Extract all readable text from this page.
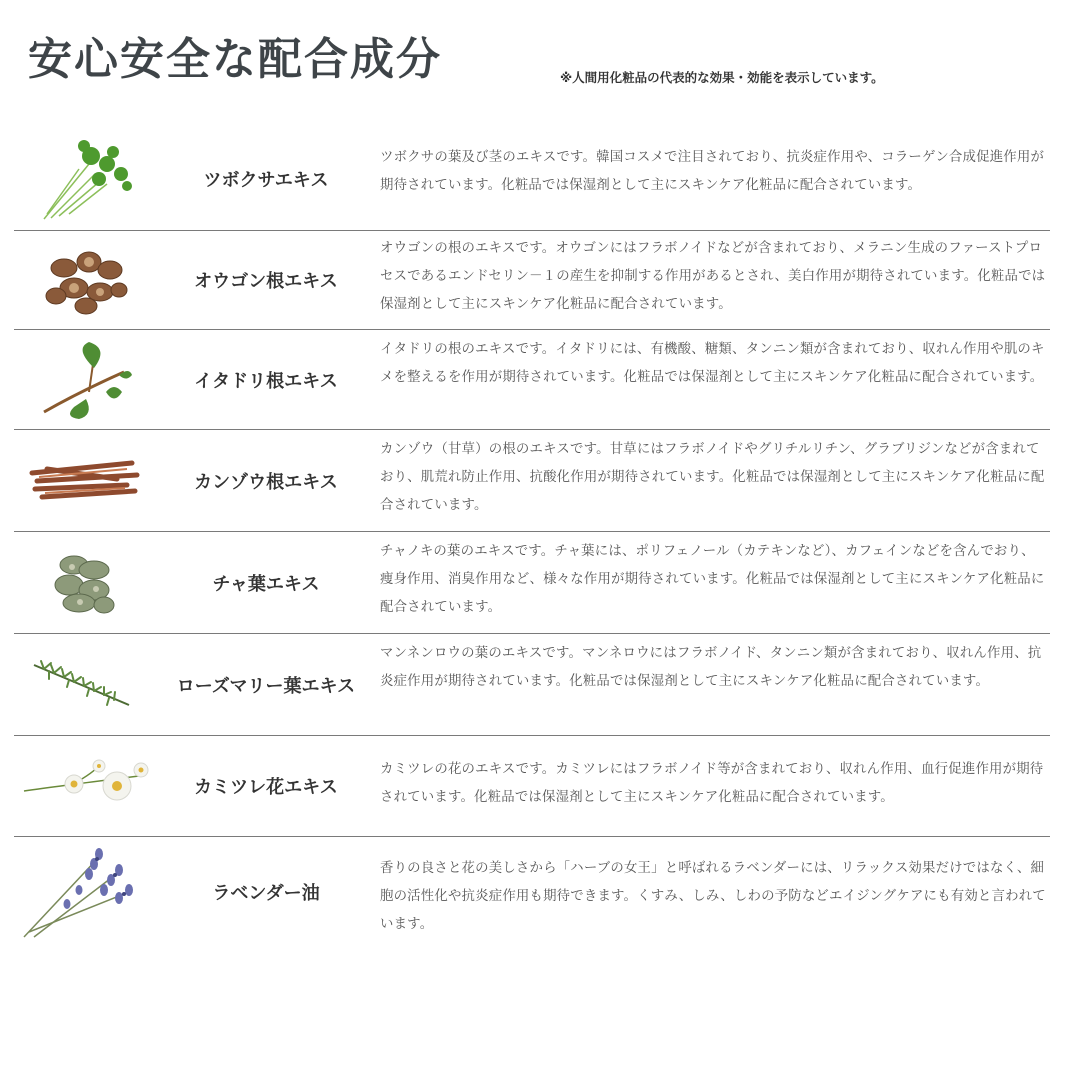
安心安全な配合成分	※人間用化粧品の代表的な効果・効能を表示しています。
ツボクサエキス
ツボクサの葉及び茎のエキスです。韓国コスメで注目されており、抗炎症作用や、コラーゲン合成促進作用が期待されています。化粧品では保湿剤として主にスキンケア化粧品に配合されています。
オウゴン根エキス
オウゴンの根のエキスです。オウゴンにはフラボノイドなどが含まれており、メラニン生成のファーストプロセスであるエンドセリン－１の産生を抑制する作用があるとされ、美白作用が期待されています。化粧品では保湿剤として主にスキンケア化粧品に配合されています。
イタドリ根エキス
イタドリの根のエキスです。イタドリには、有機酸、糖類、タンニン類が含まれており、収れん作用や肌のキメを整えるを作用が期待されています。化粧品では保湿剤として主にスキンケア化粧品に配合されています。
カンゾウ根エキス
カンゾウ（甘草）の根のエキスです。甘草にはフラボノイドやグリチルリチン、グラブリジンなどが含まれており、肌荒れ防止作用、抗酸化作用が期待されています。化粧品では保湿剤として主にスキンケア化粧品に配合されています。
チャ葉エキス
チャノキの葉のエキスです。チャ葉には、ポリフェノール（カテキンなど）、カフェインなどを含んでおり、痩身作用、消臭作用など、様々な作用が期待されています。化粧品では保湿剤として主にスキンケア化粧品に配合されています。
ローズマリー葉エキス
マンネンロウの葉のエキスです。マンネロウにはフラボノイド、タンニン類が含まれており、収れん作用、抗炎症作用が期待されています。化粧品では保湿剤として主にスキンケア化粧品に配合されています。
カミツレ花エキス
カミツレの花のエキスです。カミツレにはフラボノイド等が含まれており、収れん作用、血行促進作用が期待されています。化粧品では保湿剤として主にスキンケア化粧品に配合されています。
ラベンダー油
香りの良さと花の美しさから「ハーブの女王」と呼ばれるラベンダーには、リラックス効果だけではなく、細胞の活性化や抗炎症作用も期待できます。くすみ、しみ、しわの予防などエイジングケアにも有効と言われています。
